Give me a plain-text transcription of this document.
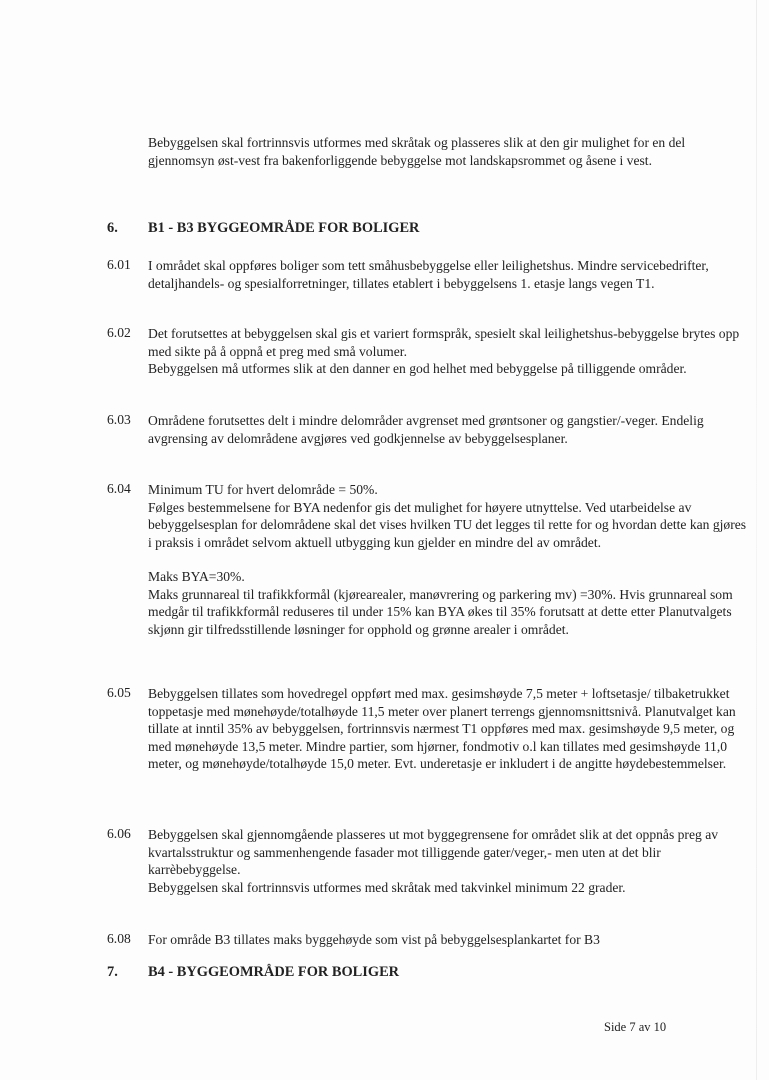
Bebyggelsen skal fortrinnsvis utformes med skråtak og plasseres slik at den gir mulighet for en del gjennomsyn øst-vest fra bakenforliggende bebyggelse mot landskapsrommet og åsene i vest.
6. B1 - B3 BYGGEOMRÅDE FOR BOLIGER
6.01 I området skal oppføres boliger som tett småhusbebyggelse eller leilighetshus. Mindre servicebedrifter, detaljhandels- og spesialforretninger, tillates etablert i bebyggelsens 1. etasje langs vegen T1.

6.02 Det forutsettes at bebyggelsen skal gis et variert formspråk, spesielt skal leilighetshus-bebyggelse brytes opp med sikte på å oppnå et preg med små volumer.

Bebyggelsen må utformes slik at den danner en god helhet med bebyggelse på tilliggende områder.

6.03 Områdene forutsettes delt i mindre delområder avgrenset med grøntsoner og gangstier/-veger. Endelig avgrensing av delområdene avgjøres ved godkjennelse av bebyggelsesplaner.

6.04 Minimum TU for hvert delområde = 50%.

Følges bestemmelsene for BYA nedenfor gis det mulighet for høyere utnyttelse. Ved utarbeidelse av bebyggelsesplan for delområdene skal det vises hvilken TU det legges til rette for og hvordan dette kan gjøres i praksis i området selvom aktuell utbygging kun gjelder en mindre del av området.

Maks BYA=30%.

Maks grunnareal til trafikkformål (kjørearealer, manøvrering og parkering mv) =30%. Hvis grunnareal som medgår til trafikkformål reduseres til under 15% kan BYA økes til 35% forutsatt at dette etter Planutvalgets skjønn gir tilfredsstillende løsninger for opphold og grønne arealer i området.

6.05 Bebyggelsen tillates som hovedregel oppført med max. gesimshøyde 7,5 meter + loftsetasje/ tilbaketrukket toppetasje med mønehøyde/totalhøyde 11,5 meter over planert terrengs gjennomsnittsnivå. Planutvalget kan tillate at inntil 35% av bebyggelsen, fortrinnsvis nærmest T1 oppføres med max. gesimshøyde 9,5 meter, og med mønehøyde 13,5 meter. Mindre partier, som hjørner, fondmotiv o.l kan tillates med gesimshøyde 11,0 meter, og mønehøyde/totalhøyde 15,0 meter. Evt. underetasje er inkludert i de angitte høydebestemmelser.

6.06 Bebyggelsen skal gjennomgående plasseres ut mot byggegrensene for området slik at det oppnås preg av kvartalsstruktur og sammenhengende fasader mot tilliggende gater/veger,- men uten at det blir karrèbebyggelse.

Bebyggelsen skal fortrinnsvis utformes med skråtak med takvinkel minimum 22 grader.

6.08 For område B3 tillates maks byggehøyde som vist på bebyggelsesplankartet for B3

7. B4 - BYGGEOMRÅDE FOR BOLIGER
Side 7 av 10
